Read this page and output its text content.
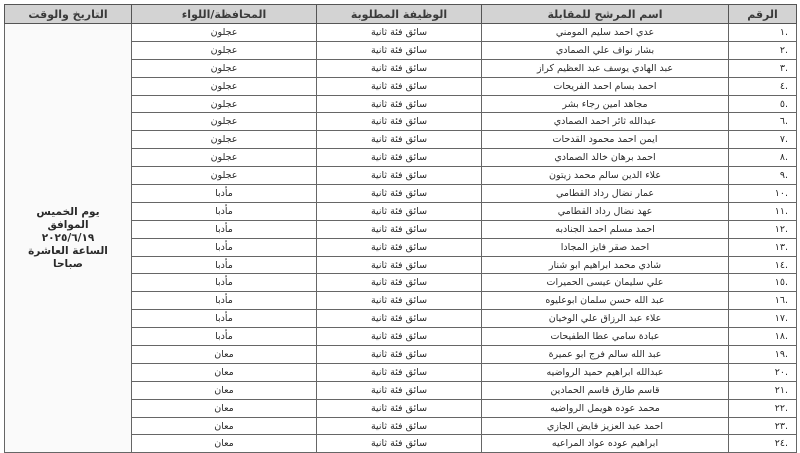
الرقم	اسم المرشح للمقابلة	الوظيفة المطلوبة	المحافظة/اللواء	التاريخ والوقت
.١	عدي احمد سليم المومني	سائق فئة ثانية	عجلون	يوم الخميس
الموافق
٢٠٢٥/٦/١٩
الساعة العاشرة
صباحا

.٢	بشار نواف علي الصمادي	سائق فئة ثانية	عجلون	
.٣	عبد الهادي يوسف عبد العظيم كراز	سائق فئة ثانية	عجلون	
.٤	احمد بسام احمد الفريحات	سائق فئة ثانية	عجلون	
.٥	مجاهد امين رجاء بشر	سائق فئة ثانية	عجلون	
.٦	عبدالله ثائر احمد الصمادي	سائق فئة ثانية	عجلون	
.٧	ايمن احمد محمود القدحات	سائق فئة ثانية	عجلون	
.٨	احمد برهان خالد الصمادي	سائق فئة ثانية	عجلون	
.٩	علاء الدين سالم محمد زيتون	سائق فئة ثانية	عجلون	
.١٠	عمار نضال رداد القطامي	سائق فئة ثانية	مأدبا	
.١١	عهد نضال رداد القطامي	سائق فئة ثانية	مأدبا	
.١٢	احمد مسلم احمد الجنادبه	سائق فئة ثانية	مأدبا	
.١٣	احمد صقر فايز المجادا	سائق فئة ثانية	مأدبا	
.١٤	شادي محمد ابراهيم ابو شنار	سائق فئة ثانية	مأدبا	
.١٥	علي سليمان عيسى الحميرات	سائق فئة ثانية	مأدبا	
.١٦	عبد الله حسن سلمان ابوعليوه	سائق فئة ثانية	مأدبا	
.١٧	علاء عبد الرزاق علي الوخيان	سائق فئة ثانية	مأدبا	
.١٨	عبادة سامي عطا الطفيحات	سائق فئة ثانية	مأدبا	
.١٩	عبد الله سالم فرج ابو عميرة	سائق فئة ثانية	معان	
.٢٠	عبدالله ابراهيم حميد الرواضيه	سائق فئة ثانية	معان	
.٢١	قاسم طارق قاسم الحمادين	سائق فئة ثانية	معان	
.٢٢	محمد عوده هويمل الرواضيه	سائق فئة ثانية	معان	
.٢٣	احمد عبد العزيز فايض الجازي	سائق فئة ثانية	معان	
.٢٤	ابراهيم عوده عواد المراعيه	سائق فئة ثانية	معان	
